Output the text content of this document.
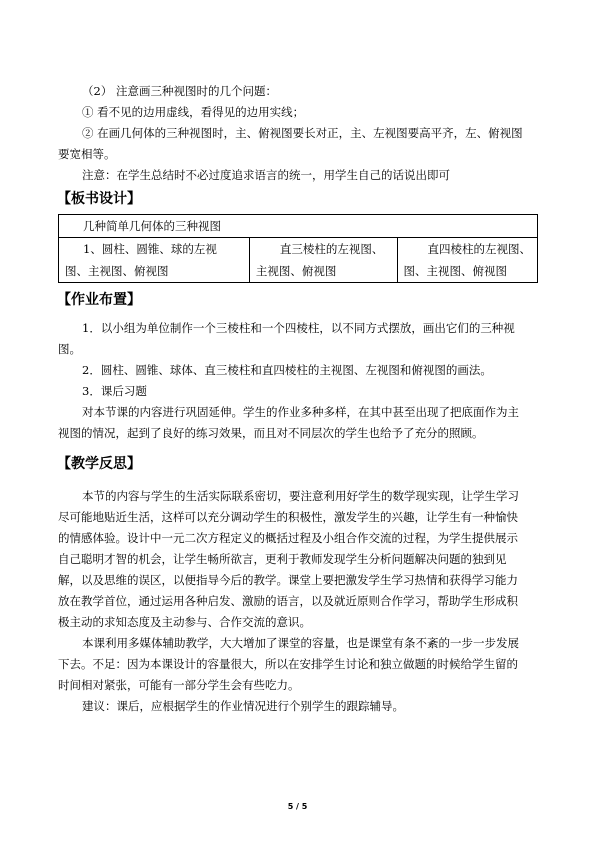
（2） 注意画三种视图时的几个问题：
① 看不见的边用虚线，看得见的边用实线；
② 在画几何体的三种视图时，主、俯视图要长对正，主、左视图要高平齐，左、俯视图
要宽相等。
注意：在学生总结时不必过度追求语言的统一，用学生自己的话说出即可
【板书设计】
几种简单几何体的三种视图

1、圆柱、圆锥、球的左视
图、主视图、俯视图

直三棱柱的左视图、
主视图、俯视图

直四棱柱的左视图、
图、主视图、俯视图
【作业布置】
1．以小组为单位制作一个三棱柱和一个四棱柱，以不同方式摆放，画出它们的三种视
图。
2．圆柱、圆锥、球体、直三棱柱和直四棱柱的主视图、左视图和俯视图的画法。
3．课后习题
对本节课的内容进行巩固延伸。学生的作业多种多样，在其中甚至出现了把底面作为主
视图的情况，起到了良好的练习效果，而且对不同层次的学生也给予了充分的照顾。
【教学反思】
本节的内容与学生的生活实际联系密切，要注意利用好学生的数学现实现，让学生学习
尽可能地贴近生活，这样可以充分调动学生的积极性，激发学生的兴趣，让学生有一种愉快
的情感体验。设计中一元二次方程定义的概括过程及小组合作交流的过程，为学生提供展示
自己聪明才智的机会，让学生畅所欲言，更利于教师发现学生分析问题解决问题的独到见
解，以及思维的误区，以便指导今后的教学。课堂上要把激发学生学习热情和获得学习能力
放在教学首位，通过运用各种启发、激励的语言，以及就近原则合作学习，帮助学生形成积
极主动的求知态度及主动参与、合作交流的意识。
本课利用多媒体辅助教学，大大增加了课堂的容量，也是课堂有条不紊的一步一步发展
下去。不足：因为本课设计的容量很大，所以在安排学生讨论和独立做题的时候给学生留的
时间相对紧张，可能有一部分学生会有些吃力。
建议：课后，应根据学生的作业情况进行个别学生的跟踪辅导。
5 / 5
